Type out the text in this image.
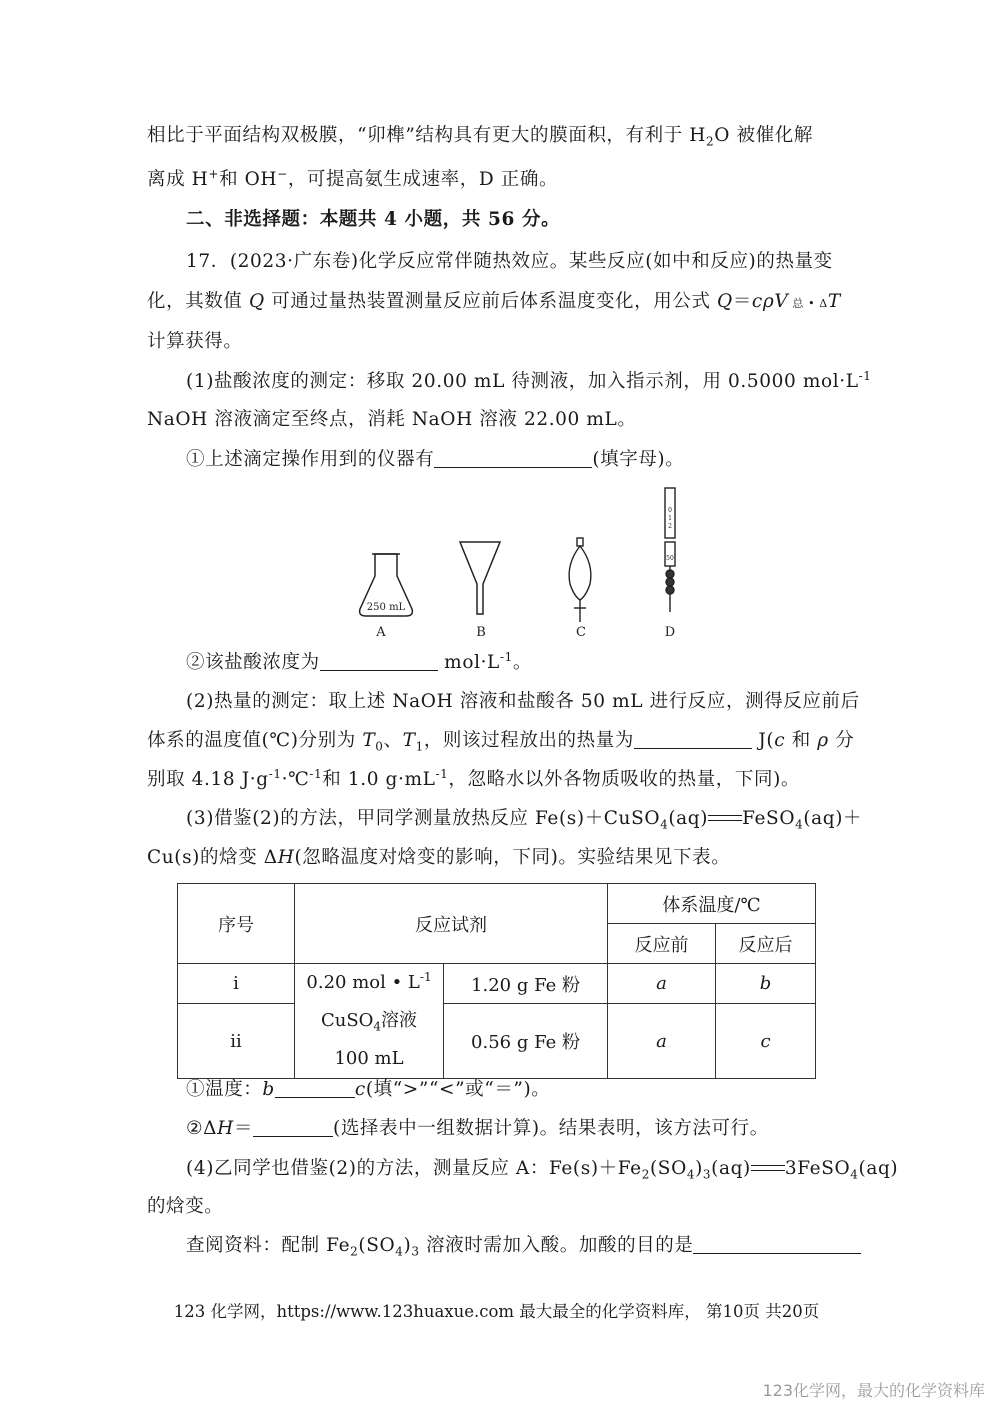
相比于平面结构双极膜，“卯榫”结构具有更大的膜面积，有利于 $H_2O$ 被催化解
离成 H+和 OH−，可提高氨生成速率，D 正确。
二、非选择题：本题共 4 小题，共 56 分。
17．(2023·广东卷)化学反应常伴随热效应。某些反应(如中和反应)的热量变
化，其数值 Q 可通过量热装置测量反应前后体系温度变化，用公式 Q＝cρV 总 • ΔT
计算获得。
(1)盐酸浓度的测定：移取 20.00 mL 待测液，加入指示剂，用 0.5000 $mol\cdot L^{-1}$
NaOH 溶液滴定至终点，消耗 NaOH 溶液 22.00 mL。
①上述滴定操作用到的仪器有	(填字母)。
250 mL
0
1
2
50
A	B	C	D
②该盐酸浓度为	$mol\cdot L^{-1}$。
(2)热量的测定：取上述 NaOH 溶液和盐酸各 50 mL 进行反应，测得反应前后
体系的温度值(℃)分别为 $T_0$、$T_1$，则该过程放出的热量为	J(c 和 ρ 分
别取 4.18 $J\cdot g^{-1}\cdot℃^{-1}$和 1.0 $g\cdot mL^{-1}$，忽略水以外各物质吸收的热量，下同)。
(3)借鉴(2)的方法，甲同学测量放热反应 Fe(s)＋CuSO$_4$(aq) FeSO$_4$(aq)＋
Cu(s)的焓变 ΔH(忽略温度对焓变的影响，下同)。实验结果见下表。
序号	反应试剂		体系温度/℃	
			反应前	反应后
i	0.20 mol • $L^{-1}$
CuSO$_4$溶液
100 mL	1.20 g Fe 粉	a	b
ii		0.56 g Fe 粉	a	c
①温度：b	c(填“>”“<”或“＝”)。
②ΔH＝	(选择表中一组数据计算)。结果表明，该方法可行。
(4)乙同学也借鉴(2)的方法，测量反应 A：$Fe(s)+Fe_2(SO_4)_3(aq)$ 3FeSO$_4$(aq)
的焓变。
查阅资料：配制 $Fe_2(SO_4)_3$ 溶液时需加入酸。加酸的目的是
123 化学网，https://www.123huaxue.com 最大最全的化学资料库， 第10页 共20页
123化学网，最大的化学资料库
